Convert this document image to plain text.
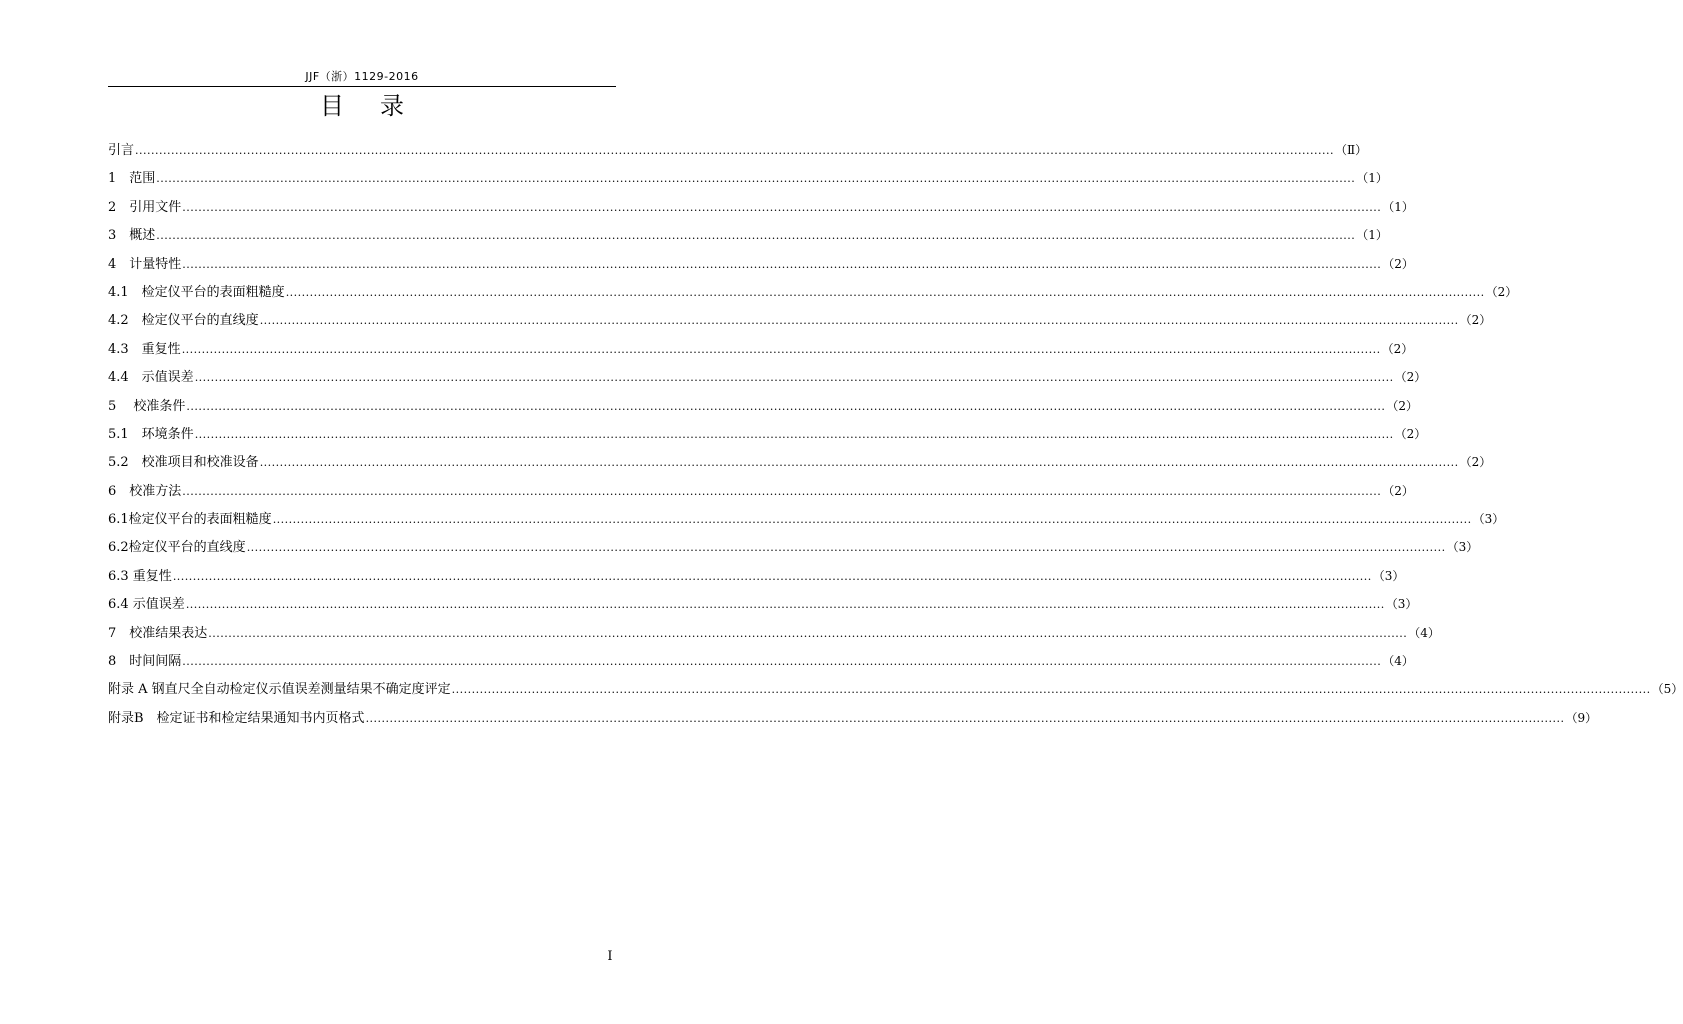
JJF（浙）1129-2016
目录
引言 ............................................................................................................................................................................................................................................................................................................ （Ⅱ）
1　范围 ............................................................................................................................................................................................................................................................................................................ （1）
2　引用文件 ............................................................................................................................................................................................................................................................................................................ （1）
3　概述 ............................................................................................................................................................................................................................................................................................................ （1）
4　计量特性 ............................................................................................................................................................................................................................................................................................................ （2）
4.1　检定仪平台的表面粗糙度 ............................................................................................................................................................................................................................................................................................................ （2）
4.2　检定仪平台的直线度 ............................................................................................................................................................................................................................................................................................................ （2）
4.3　重复性 ............................................................................................................................................................................................................................................................................................................ （2）
4.4　示值误差 ............................................................................................................................................................................................................................................................................................................ （2）
5　 校准条件 ............................................................................................................................................................................................................................................................................................................ （2）
5.1　环境条件 ............................................................................................................................................................................................................................................................................................................ （2）
5.2　校准项目和校准设备 ............................................................................................................................................................................................................................................................................................................ （2）
6　校准方法 ............................................................................................................................................................................................................................................................................................................ （2）
6.1检定仪平台的表面粗糙度 ............................................................................................................................................................................................................................................................................................................ （3）
6.2检定仪平台的直线度 ............................................................................................................................................................................................................................................................................................................ （3）
6.3 重复性 ............................................................................................................................................................................................................................................................................................................ （3）
6.4 示值误差 ............................................................................................................................................................................................................................................................................................................ （3）
7　校准结果表达 ............................................................................................................................................................................................................................................................................................................ （4）
8　时间间隔 ............................................................................................................................................................................................................................................................................................................ （4）
附录 A 钢直尺全自动检定仪示值误差测量结果不确定度评定 ............................................................................................................................................................................................................................................................................................................ （5）
附录B　检定证书和检定结果通知书内页格式 ............................................................................................................................................................................................................................................................................................................ （9）
I
